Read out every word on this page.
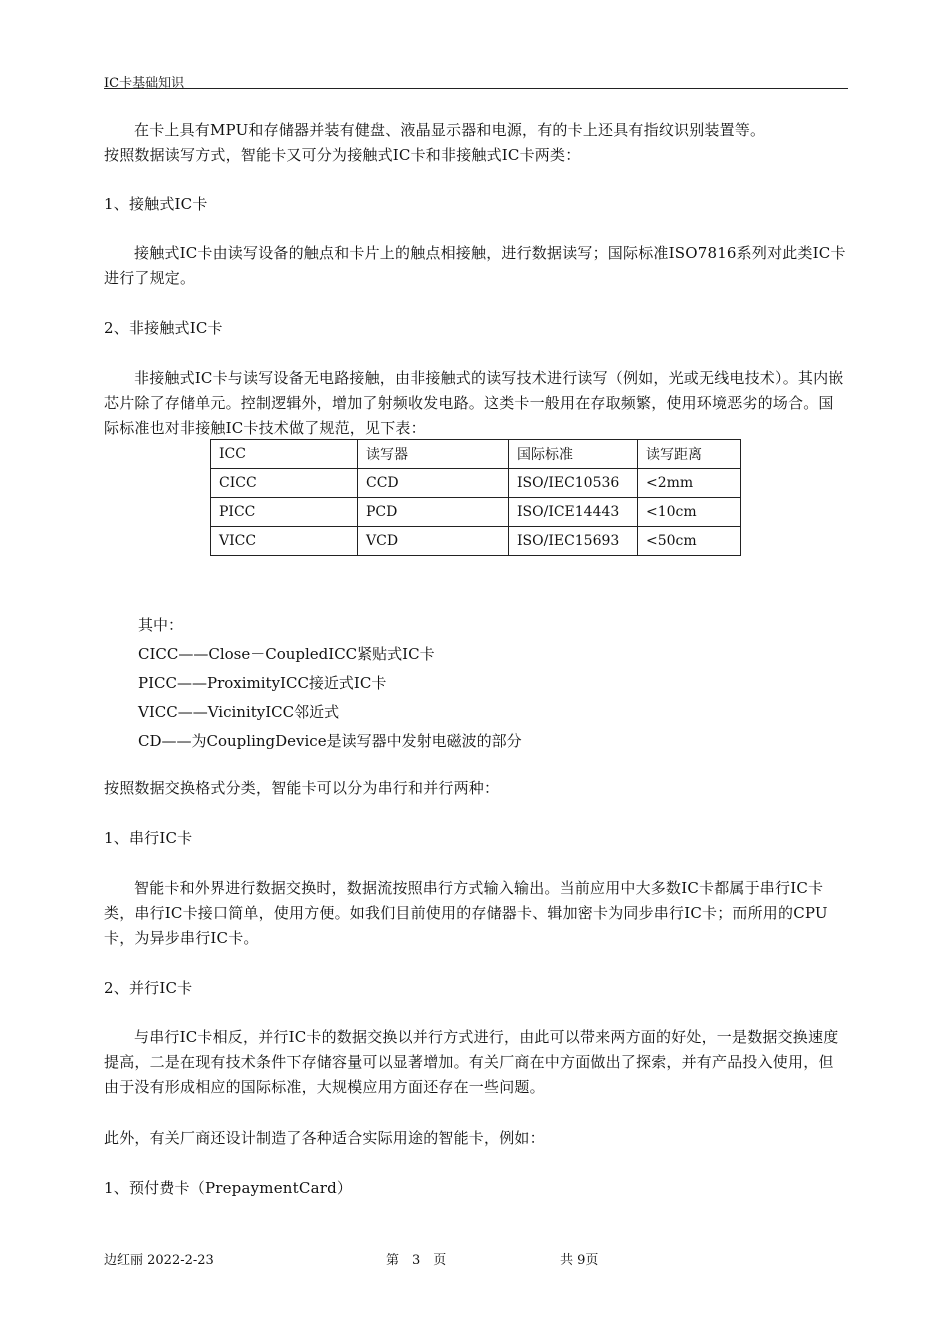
IC卡基础知识
在卡上具有MPU和存储器并装有健盘、液晶显示器和电源，有的卡上还具有指纹识别装置等。
按照数据读写方式，智能卡又可分为接触式IC卡和非接触式IC卡两类：
1、接触式IC卡
接触式IC卡由读写设备的触点和卡片上的触点相接触，进行数据读写；国际标准ISO7816系列对此类IC卡进行了规定。
2、非接触式IC卡
非接触式IC卡与读写设备无电路接触，由非接触式的读写技术进行读写（例如，光或无线电技术）。其内嵌芯片除了存储单元。控制逻辑外，增加了射频收发电路。这类卡一般用在存取频繁，使用环境恶劣的场合。国际标准也对非接触IC卡技术做了规范，见下表：
ICC	读写器	国际标准	读写距离
CICC	CCD	ISO/IEC10536	<2mm
PICC	PCD	ISO/ICE14443	<10cm
VICC	VCD	ISO/IEC15693	<50cm
其中：
CICC——Close－CoupledICC紧贴式IC卡
PICC——ProximityICC接近式IC卡
VICC——VicinityICC邻近式
CD——为CouplingDevice是读写器中发射电磁波的部分
按照数据交换格式分类，智能卡可以分为串行和并行两种：
1、串行IC卡
智能卡和外界进行数据交换时，数据流按照串行方式输入输出。当前应用中大多数IC卡都属于串行IC卡类，串行IC卡接口简单，使用方便。如我们目前使用的存储器卡、辑加密卡为同步串行IC卡；而所用的CPU卡，为异步串行IC卡。
2、并行IC卡
与串行IC卡相反，并行IC卡的数据交换以并行方式进行，由此可以带来两方面的好处，一是数据交换速度提高，二是在现有技术条件下存储容量可以显著增加。有关厂商在中方面做出了探索，并有产品投入使用，但由于没有形成相应的国际标准，大规模应用方面还存在一些问题。
此外，有关厂商还设计制造了各种适合实际用途的智能卡，例如：
1、预付费卡（PrepaymentCard）
边红丽 2022-2-23	第　3　页	共 9页
